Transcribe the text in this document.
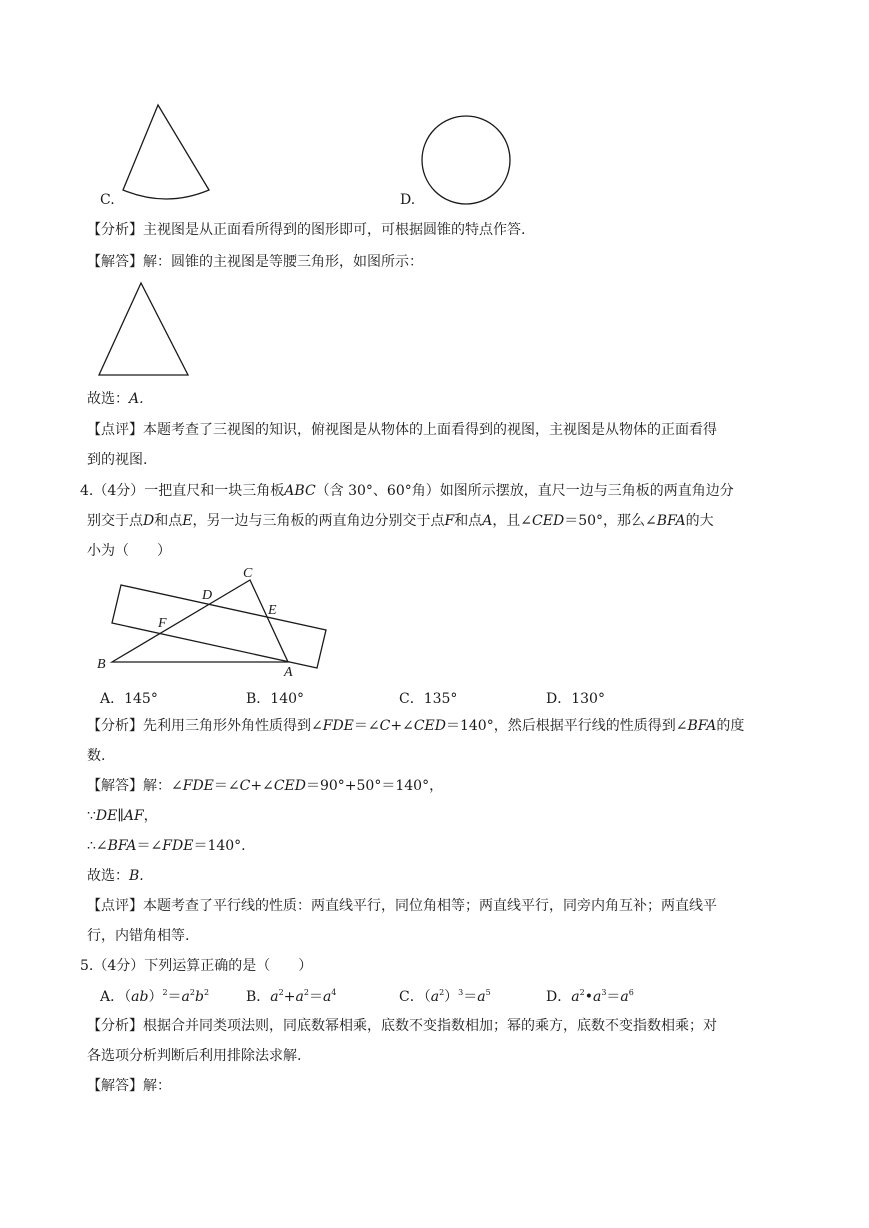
C.	D.
【分析】主视图是从正面看所得到的图形即可，可根据圆锥的特点作答.
【解答】解：圆锥的主视图是等腰三角形，如图所示：
故选：A.
【点评】本题考查了三视图的知识，俯视图是从物体的上面看得到的视图，主视图是从物体的正面看得
到的视图.
4.（4分）一把直尺和一块三角板ABC（含 30°、60°角）如图所示摆放，直尺一边与三角板的两直角边分
别交于点D和点E，另一边与三角板的两直角边分别交于点F和点A，且∠CED＝50°，那么∠BFA的大
小为（　　）
C
D
E
F
B
A
A．145°	B．140°	C．135°	D．130°
【分析】先利用三角形外角性质得到∠FDE＝∠C+∠CED＝140°，然后根据平行线的性质得到∠BFA的度
数.
【解答】解：∠FDE＝∠C+∠CED＝90°+50°＝140°，
∵DE∥AF，
∴∠BFA＝∠FDE＝140°.
故选：B.
【点评】本题考查了平行线的性质：两直线平行，同位角相等；两直线平行，同旁内角互补；两直线平
行，内错角相等.
5.（4分）下列运算正确的是（　　）
A．$(ab)^2=a^2b^2$	B．$a^2+a^2=a^4$	C．$(a^2)^3=a^5$	D．$a^2•a^3=a^6$
【分析】根据合并同类项法则，同底数幂相乘，底数不变指数相加；幂的乘方，底数不变指数相乘；对
各选项分析判断后利用排除法求解.
【解答】解：
